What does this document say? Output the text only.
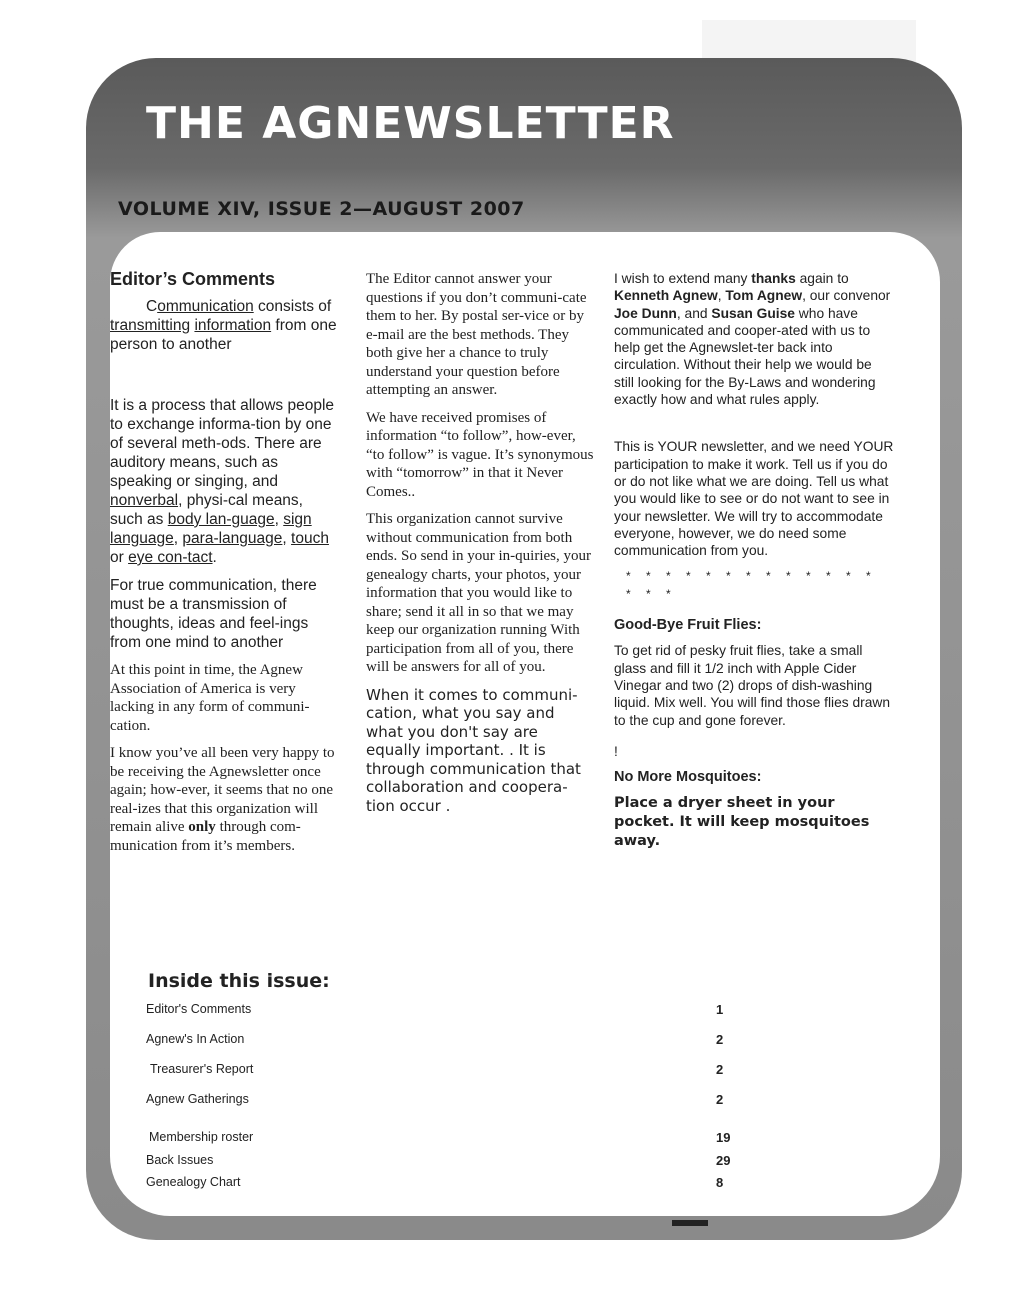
THE AGNEWSLETTER
VOLUME XIV, ISSUE 2—AUGUST 2007
Editor’s Comments

Communication consists of transmitting information from one person to another

It is a process that allows people to exchange informa-tion by one of several meth-ods. There are auditory means, such as speaking or singing, and nonverbal, physi-cal means, such as body lan-guage, sign language, para-language, touch or eye con-tact.

For true communication, there must be a transmission of thoughts, ideas and feel-ings from one mind to another

At this point in time, the Agnew Association of America is very lacking in any form of communi-cation.

I know you’ve all been very happy to be receiving the Agnewsletter once again; how-ever, it seems that no one real-izes that this organization will remain alive only through com-munication from it’s members.

The Editor cannot answer your questions if you don’t communi-cate them to her. By postal ser-vice or by e-mail are the best methods. They both give her a chance to truly understand your question before attempting an answer.

We have received promises of information “to follow”, how-ever, “to follow” is vague. It’s synonymous with “tomorrow” in that it Never Comes..

This organization cannot survive without communication from both ends. So send in your in-quiries, your genealogy charts, your photos, your information that you would like to share; send it all in so that we may keep our organization running With participation from all of you, there will be answers for all of you.

When it comes to communi-cation, what you say and what you don't say are equally important. . It is through communication that collaboration and coopera-tion occur .

I wish to extend many thanks again to Kenneth Agnew, Tom Agnew, our convenor Joe Dunn, and Susan Guise who have communicated and cooper-ated with us to help get the Agnewslet-ter back into circulation. Without their help we would be still looking for the By-Laws and wondering exactly how and what rules apply.

This is YOUR newsletter, and we need YOUR participation to make it work. Tell us if you do or do not like what we are doing. Tell us what you would like to see or do not want to see in your newsletter. We will try to accommodate everyone, however, we do need some communication from you.

* * * * * * * * * * * * * * * *
Good-Bye Fruit Flies:

To get rid of pesky fruit flies, take a small glass and fill it 1/2 inch with Apple Cider Vinegar and two (2) drops of dish-washing liquid. Mix well. You will find those flies drawn to the cup and gone forever.

!

No More Mosquitoes:

Place a dryer sheet in your pocket. It will keep mosquitoes away.

Inside this issue:
Editor's Comments	1
Agnew's In Action	2
Treasurer's Report	2
Agnew Gatherings	2
Membership roster	19
Back Issues	29
Genealogy Chart	8
